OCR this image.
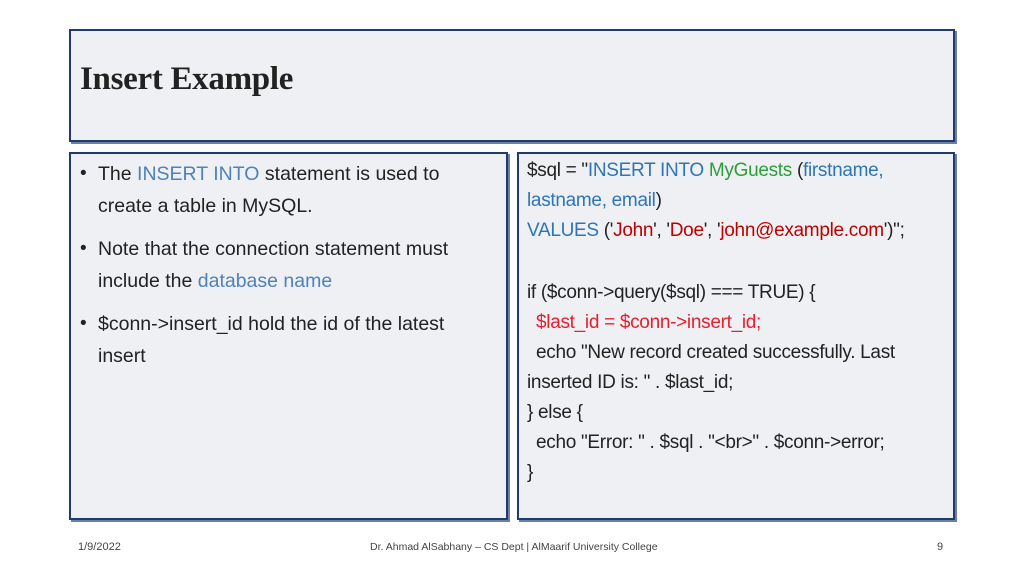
Insert Example
• The INSERT INTO statement is used to create a table in MySQL.
• Note that the connection statement must include the database name
• $conn->insert_id hold the id of the latest insert
$sql = "INSERT INTO MyGuests (firstname,
lastname, email)
VALUES ('John', 'Doe', 'john@example.com')";
if ($conn->query($sql) === TRUE) {
$last_id = $conn->insert_id;
echo "New record created successfully. Last
inserted ID is: " . $last_id;
} else {
echo "Error: " . $sql . "<br>" . $conn->error;
}
1/9/2022	Dr. Ahmad AlSabhany – CS Dept | AlMaarif University College	9
